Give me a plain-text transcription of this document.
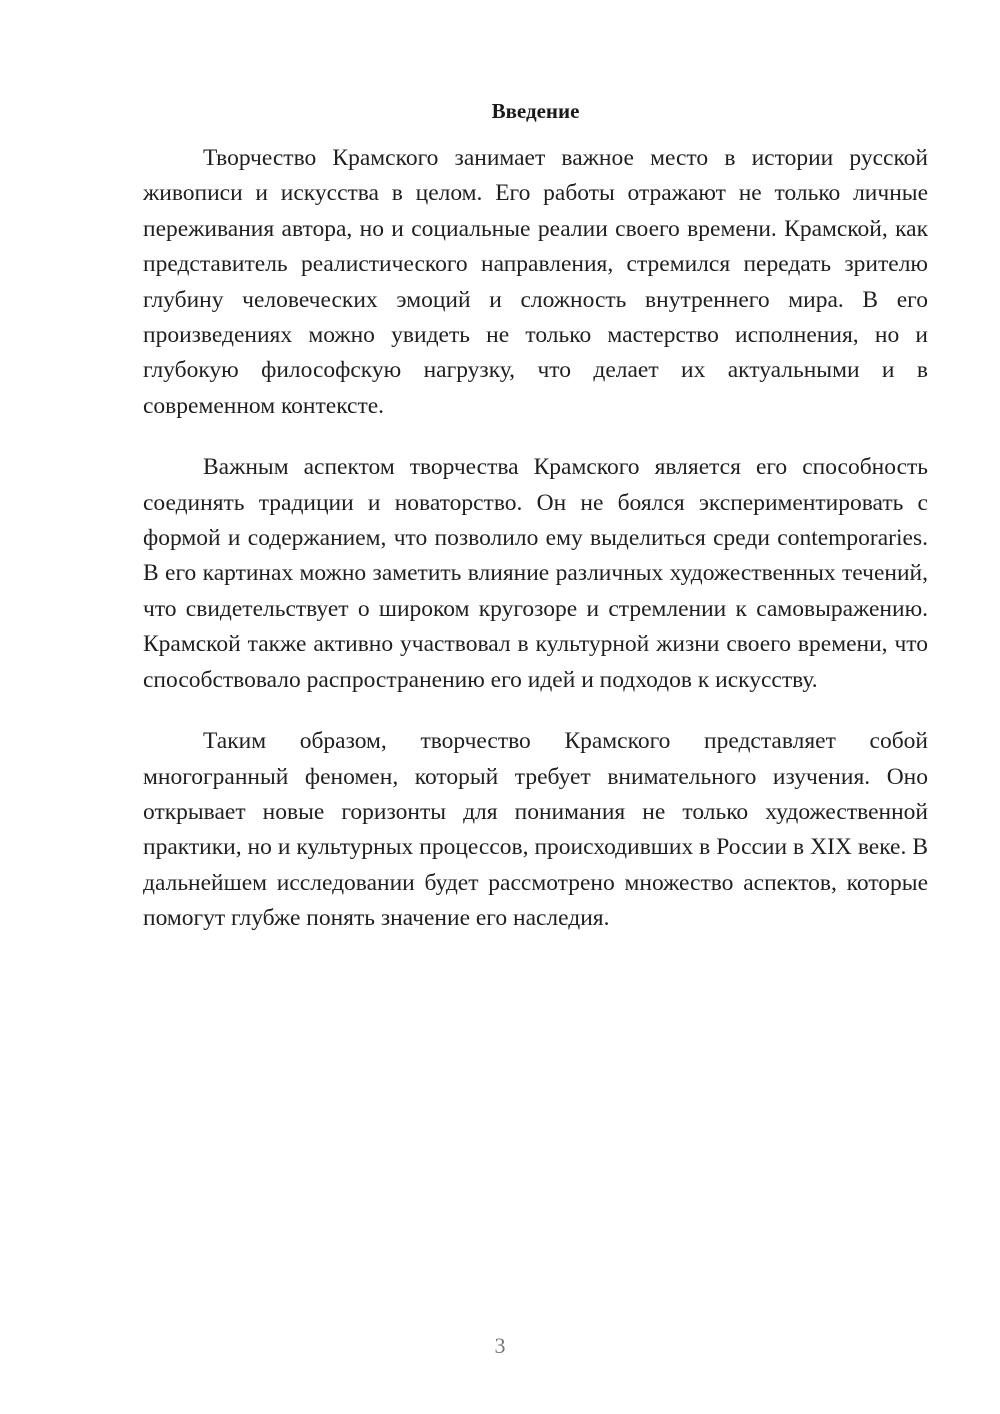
Введение

Творчество Крамского занимает важное место в истории русской живописи и искусства в целом. Его работы отражают не только личные переживания автора, но и социальные реалии своего времени. Крамской, как представитель реалистического направления, стремился передать зрителю глубину человеческих эмоций и сложность внутреннего мира. В его произведениях можно увидеть не только мастерство исполнения, но и глубокую философскую нагрузку, что делает их актуальными и в современном контексте.

Важным аспектом творчества Крамского является его способность соединять традиции и новаторство. Он не боялся экспериментировать с формой и содержанием, что позволило ему выделиться среди contemporaries. В его картинах можно заметить влияние различных художественных течений, что свидетельствует о широком кругозоре и стремлении к самовыражению. Крамской также активно участвовал в культурной жизни своего времени, что способствовало распространению его идей и подходов к искусству.

Таким образом, творчество Крамского представляет собой многогранный феномен, который требует внимательного изучения. Оно открывает новые горизонты для понимания не только художественной практики, но и культурных процессов, происходивших в России в XIX веке. В дальнейшем исследовании будет рассмотрено множество аспектов, которые помогут глубже понять значение его наследия.

3
